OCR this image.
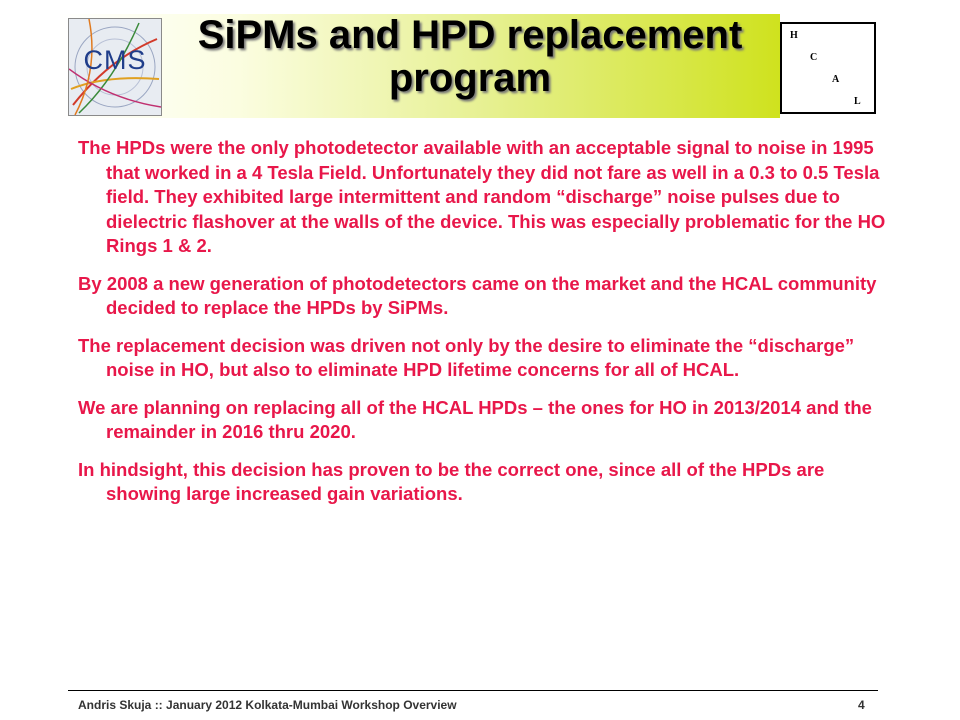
CMS
SiPMs and HPD replacement program
H
C
A
L

The HPDs were the only photodetector available with an acceptable signal to noise in 1995 that worked in a 4 Tesla Field. Unfortunately they did not fare as well in a 0.3 to 0.5 Tesla field. They exhibited large intermittent and random “discharge” noise pulses due to dielectric flashover at the walls of the device. This was especially problematic for the HO Rings 1 & 2.

By 2008 a new generation of photodetectors came on the market and the HCAL community decided to replace the HPDs by SiPMs.

The replacement decision was driven not only by the desire to eliminate the “discharge” noise in HO, but also to eliminate HPD lifetime concerns for all of HCAL.

We are planning on replacing all of the HCAL HPDs – the ones for HO in 2013/2014 and the remainder in 2016 thru 2020.

In hindsight, this decision has proven to be the correct one, since all of the HPDs are showing large increased gain variations.

Andris Skuja :: January 2012 Kolkata-Mumbai Workshop Overview	4
